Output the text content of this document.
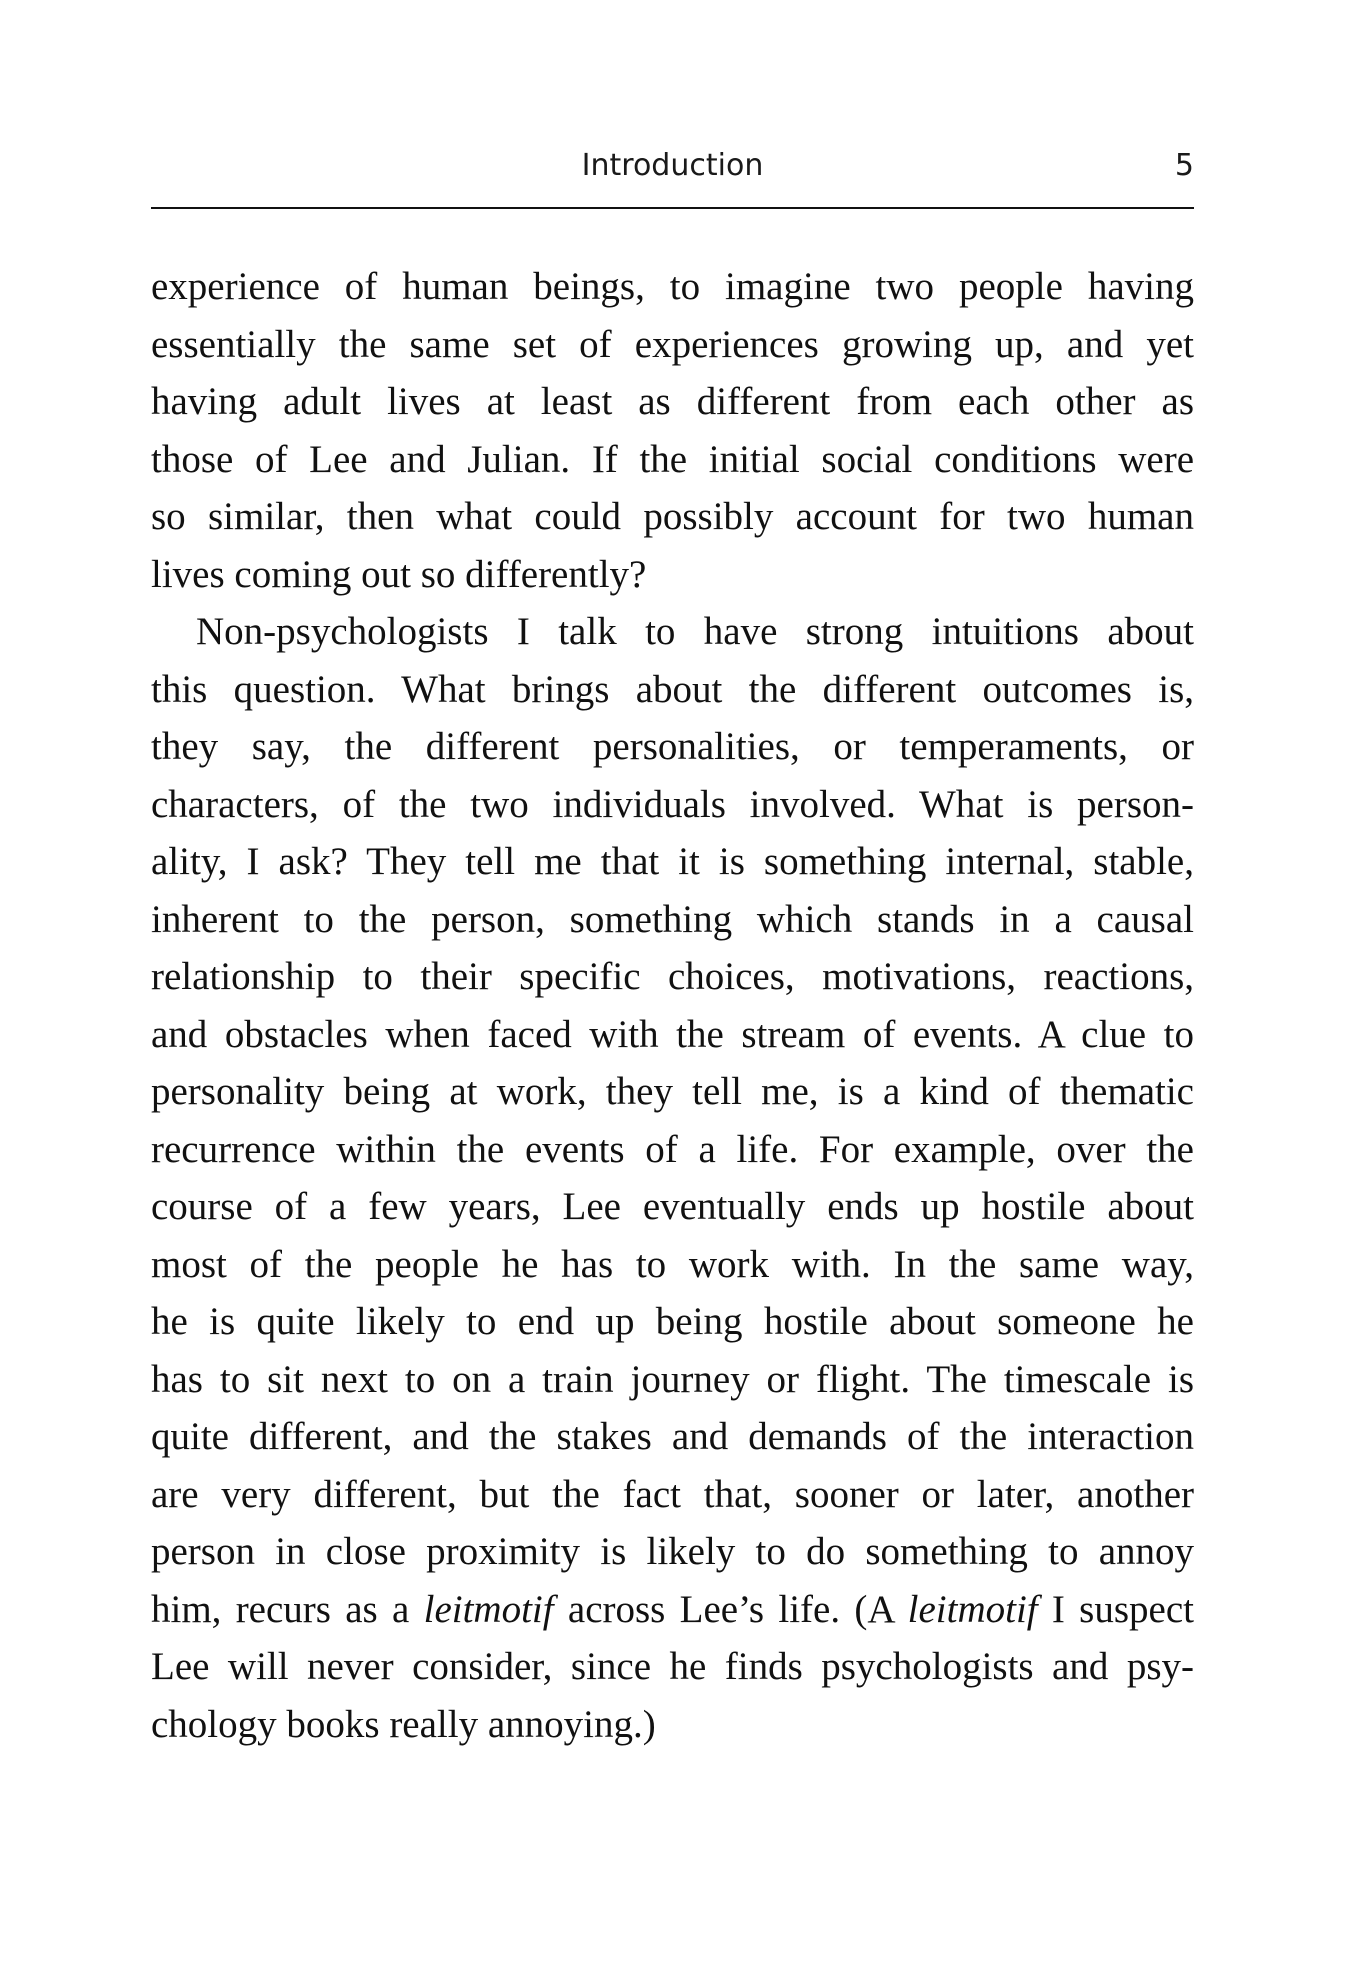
Introduction	5

experience of human beings, to imagine two people having
essentially the same set of experiences growing up, and yet
having adult lives at least as different from each other as
those of Lee and Julian. If the initial social conditions were
so similar, then what could possibly account for two human
lives coming out so differently?

Non-psychologists I talk to have strong intuitions about
this question. What brings about the different outcomes is,
they say, the different personalities, or temperaments, or
characters, of the two individuals involved. What is person-
ality, I ask? They tell me that it is something internal, stable,
inherent to the person, something which stands in a causal
relationship to their specific choices, motivations, reactions,
and obstacles when faced with the stream of events. A clue to
personality being at work, they tell me, is a kind of thematic
recurrence within the events of a life. For example, over the
course of a few years, Lee eventually ends up hostile about
most of the people he has to work with. In the same way,
he is quite likely to end up being hostile about someone he
has to sit next to on a train journey or flight. The timescale is
quite different, and the stakes and demands of the interaction
are very different, but the fact that, sooner or later, another
person in close proximity is likely to do something to annoy
him, recurs as a leitmotif across Lee’s life. (A leitmotif I suspect
Lee will never consider, since he finds psychologists and psy-
chology books really annoying.)
